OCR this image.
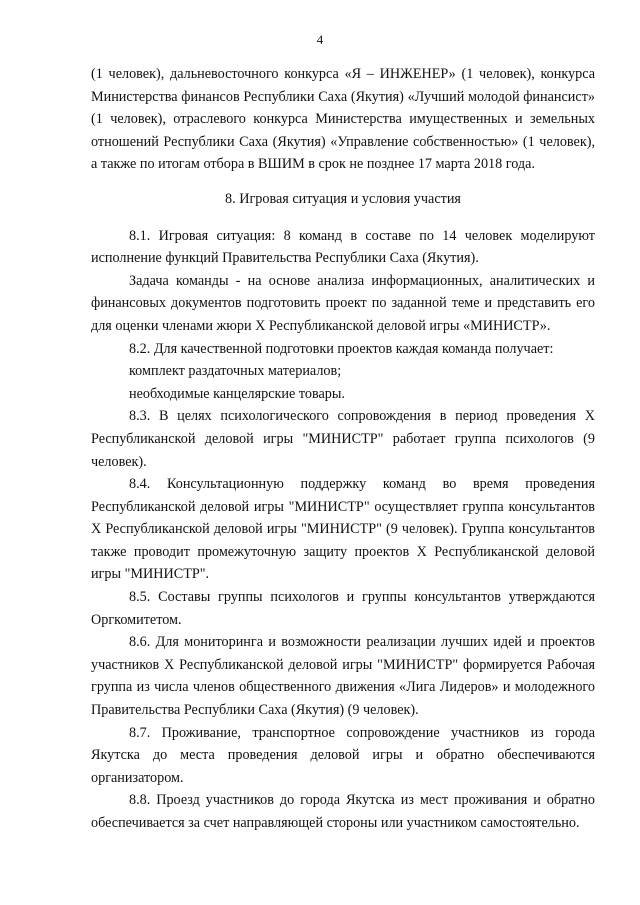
4

(1 человек), дальневосточного конкурса «Я – ИНЖЕНЕР» (1 человек), конкурса Министерства финансов Республики Саха (Якутия) «Лучший молодой финансист» (1 человек), отраслевого конкурса Министерства имущественных и земельных отношений Республики Саха (Якутия) «Управление собственностью» (1 человек), а также по итогам отбора в ВШИМ в срок не позднее 17 марта 2018 года.

8. Игровая ситуация и условия участия

8.1. Игровая ситуация: 8 команд в составе по 14 человек моделируют исполнение функций Правительства Республики Саха (Якутия).

Задача команды - на основе анализа информационных, аналитических и финансовых документов подготовить проект по заданной теме и представить его для оценки членами жюри X Республиканской деловой игры «МИНИСТР».

8.2. Для качественной подготовки проектов каждая команда получает:

комплект раздаточных материалов;

необходимые канцелярские товары.

8.3. В целях психологического сопровождения в период проведения X Республиканской деловой игры "МИНИСТР" работает группа психологов (9 человек).

8.4. Консультационную поддержку команд во время проведения Республиканской деловой игры "МИНИСТР" осуществляет группа консультантов X Республиканской деловой игры "МИНИСТР" (9 человек). Группа консультантов также проводит промежуточную защиту проектов X Республиканской деловой игры "МИНИСТР".

8.5. Составы группы психологов и группы консультантов утверждаются Оргкомитетом.

8.6. Для мониторинга и возможности реализации лучших идей и проектов участников X Республиканской деловой игры "МИНИСТР" формируется Рабочая группа из числа членов общественного движения «Лига Лидеров» и молодежного Правительства Республики Саха (Якутия) (9 человек).

8.7. Проживание, транспортное сопровождение участников из города Якутска до места проведения деловой игры и обратно обеспечиваются организатором.

8.8. Проезд участников до города Якутска из мест проживания и обратно обеспечивается за счет направляющей стороны или участником самостоятельно.
